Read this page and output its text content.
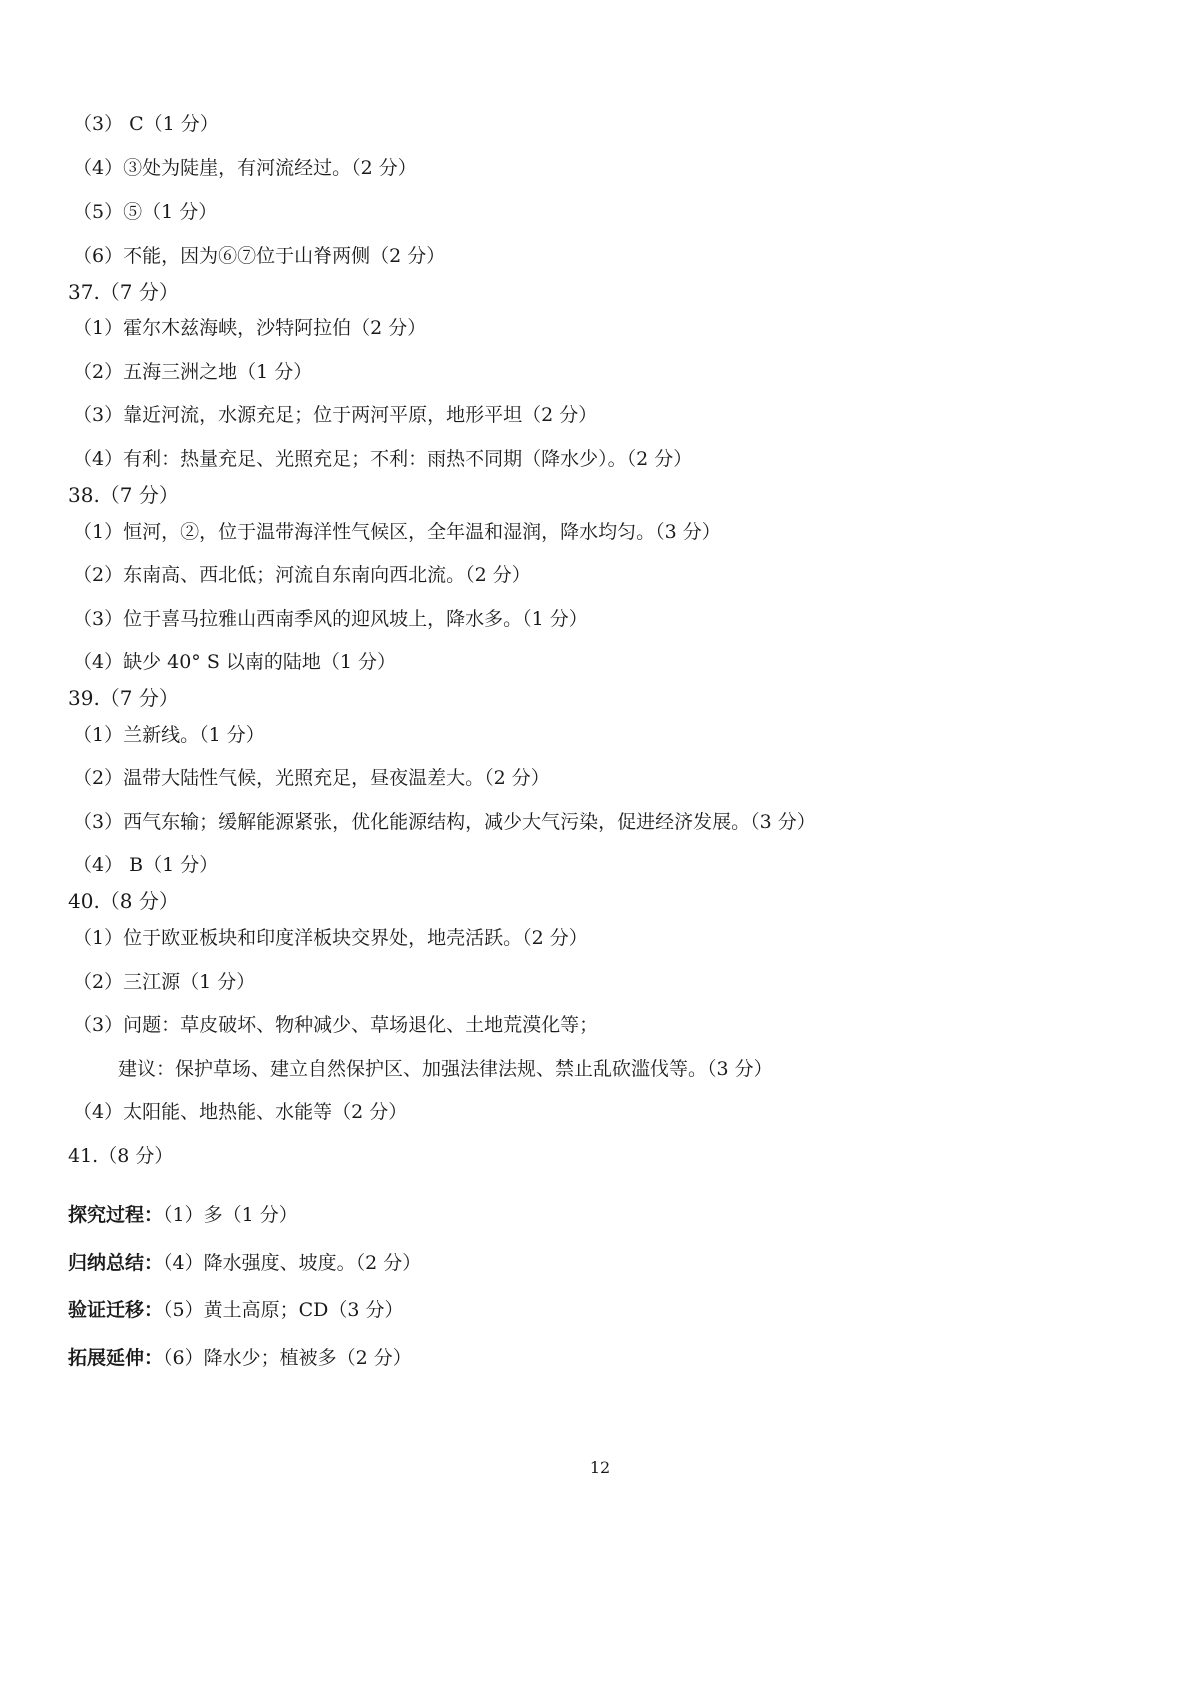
（3） C（1 分）
（4）③处为陡崖，有河流经过。（2 分）
（5）⑤（1 分）
（6）不能，因为⑥⑦位于山脊两侧（2 分）
37.（7 分）
（1）霍尔木兹海峡，沙特阿拉伯（2 分）
（2）五海三洲之地（1 分）
（3）靠近河流，水源充足；位于两河平原，地形平坦（2 分）
（4）有利：热量充足、光照充足；不利：雨热不同期（降水少）。（2 分）
38.（7 分）
（1）恒河，②，位于温带海洋性气候区，全年温和湿润，降水均匀。（3 分）
（2）东南高、西北低；河流自东南向西北流。（2 分）
（3）位于喜马拉雅山西南季风的迎风坡上，降水多。（1 分）
（4）缺少 40° S 以南的陆地（1 分）
39.（7 分）
（1）兰新线。（1 分）
（2）温带大陆性气候，光照充足，昼夜温差大。（2 分）
（3）西气东输；缓解能源紧张，优化能源结构，减少大气污染，促进经济发展。（3 分）
（4） B（1 分）
40.（8 分）
（1）位于欧亚板块和印度洋板块交界处，地壳活跃。（2 分）
（2）三江源（1 分）
（3）问题：草皮破坏、物种减少、草场退化、土地荒漠化等；
建议：保护草场、建立自然保护区、加强法律法规、禁止乱砍滥伐等。（3 分）
（4）太阳能、地热能、水能等（2 分）
41.（8 分）
探究过程：（1）多（1 分）
归纳总结：（4）降水强度、坡度。（2 分）
验证迁移：（5）黄土高原；CD（3 分）
拓展延伸：（6）降水少；植被多（2 分）
12
